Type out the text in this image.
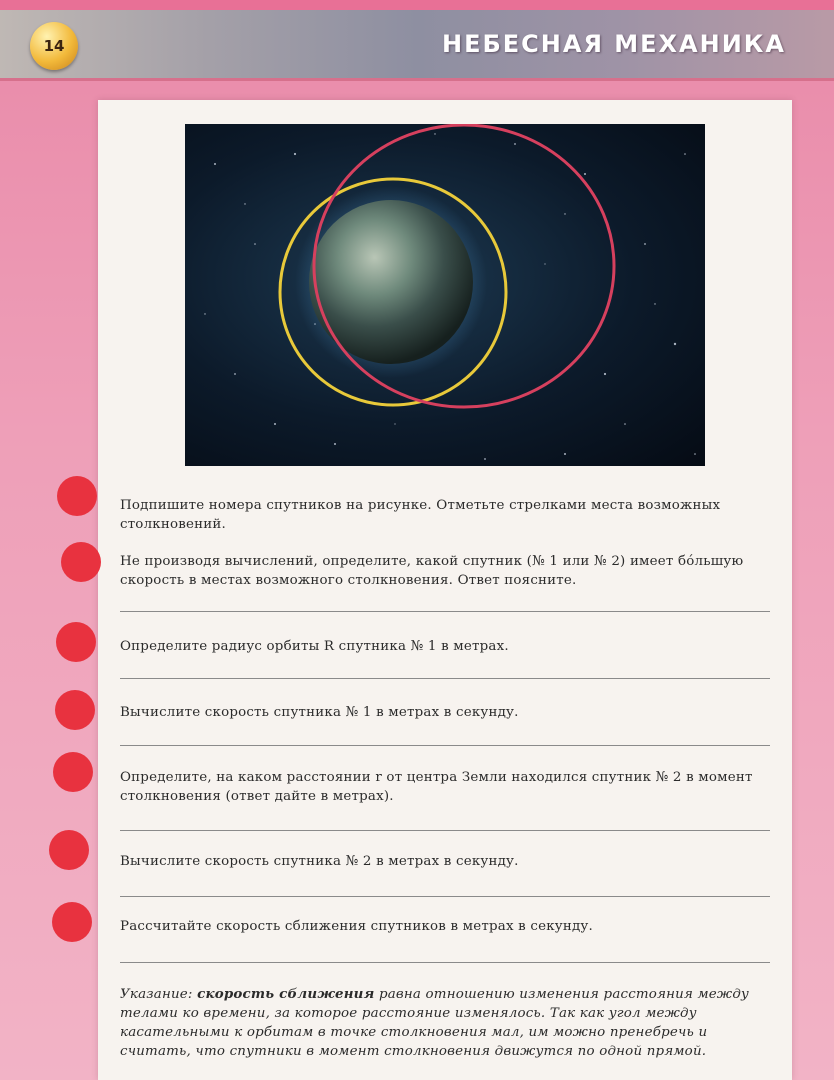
14	НЕБЕСНАЯ МЕХАНИКА

Подпишите номера спутников на рисунке. Отметьте стрелками места возможных столкновений.

Не производя вычислений, определите, какой спутник (№ 1 или № 2) имеет бóльшую скорость в местах возможного столкновения. Ответ поясните.

Определите радиус орбиты R спутника № 1 в метрах.

Вычислите скорость спутника № 1 в метрах в секунду.

Определите, на каком расстоянии r от центра Земли находился спутник № 2 в момент столкновения (ответ дайте в метрах).

Вычислите скорость спутника № 2 в метрах в секунду.

Рассчитайте скорость сближения спутников в метрах в секунду.

Указание: скорость сближения равна отношению изменения расстояния между телами ко времени, за которое расстояние изменялось. Так как угол между касательными к орбитам в точке столкновения мал, им можно пренебречь и считать, что спутники в момент столкновения движутся по одной прямой.
